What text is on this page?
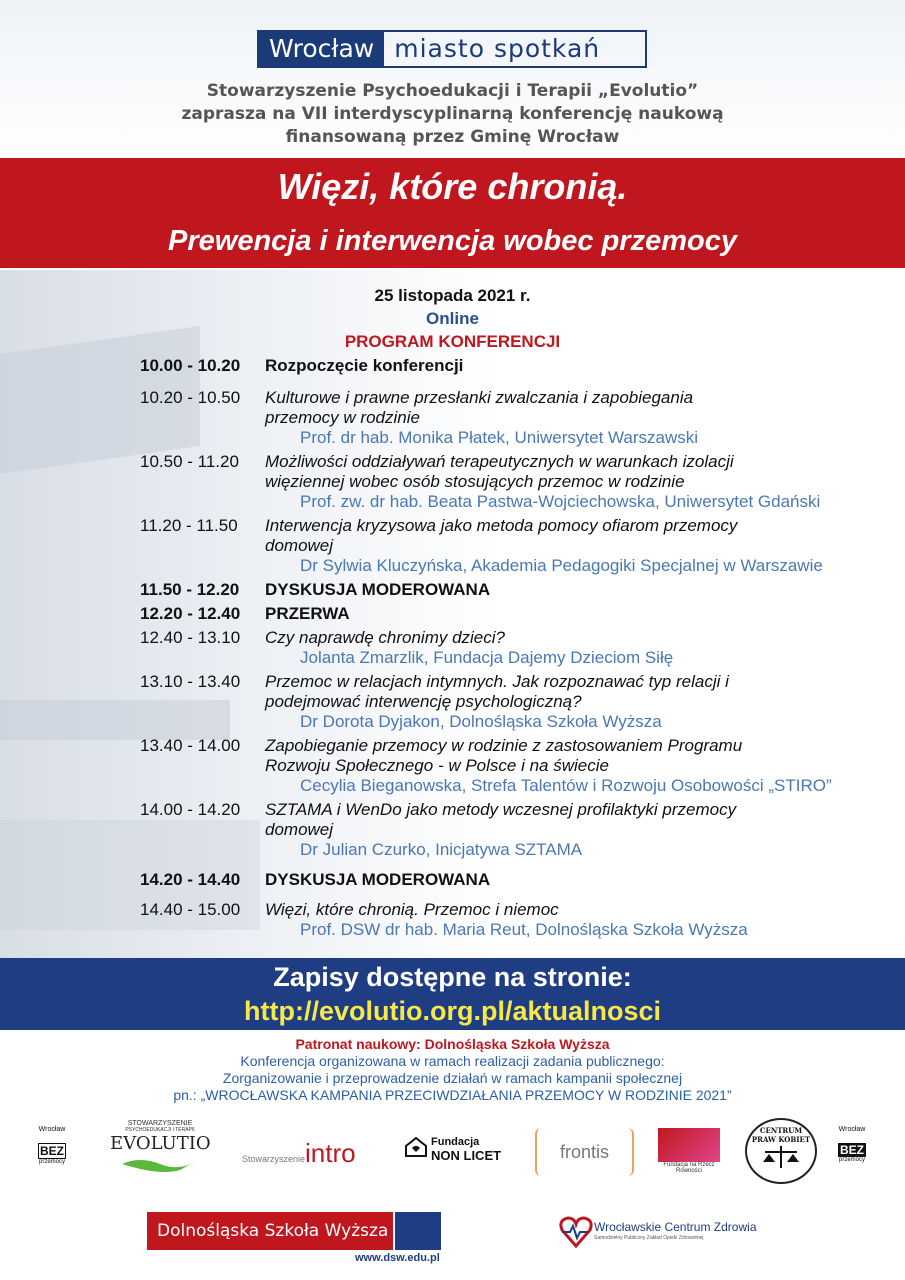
Wrocław miasto spotkań
Stowarzyszenie Psychoedukacji i Terapii „Evolutio”
zaprasza na VII interdyscyplinarną konferencję naukową
finansowaną przez Gminę Wrocław
Więzi, które chronią.
Prewencja i interwencja wobec przemocy
25 listopada 2021 r.
Online
PROGRAM KONFERENCJI
10.00 - 10.20	Rozpoczęcie konferencji
10.20 - 10.50	Kulturowe i prawne przesłanki zwalczania i zapobiegania przemocy w rodzinie
Prof. dr hab. Monika Płatek, Uniwersytet Warszawski
10.50 - 11.20	Możliwości oddziaływań terapeutycznych w warunkach izolacji więziennej wobec osób stosujących przemoc w rodzinie
Prof. zw. dr hab. Beata Pastwa-Wojciechowska, Uniwersytet Gdański
11.20 - 11.50	Interwencja kryzysowa jako metoda pomocy ofiarom przemocy domowej
Dr Sylwia Kluczyńska, Akademia Pedagogiki Specjalnej w Warszawie
11.50 - 12.20	DYSKUSJA MODEROWANA
12.20 - 12.40	PRZERWA
12.40 - 13.10	Czy naprawdę chronimy dzieci?
Jolanta Zmarzlik, Fundacja Dajemy Dzieciom Siłę
13.10 - 13.40	Przemoc w relacjach intymnych. Jak rozpoznawać typ relacji i podejmować interwencję psychologiczną?
Dr Dorota Dyjakon, Dolnośląska Szkoła Wyższa
13.40 - 14.00	Zapobieganie przemocy w rodzinie z zastosowaniem Programu Rozwoju Społecznego - w Polsce i na świecie
Cecylia Bieganowska, Strefa Talentów i Rozwoju Osobowości „STIRO”
14.00 - 14.20	SZTAMA i WenDo jako metody wczesnej profilaktyki przemocy domowej
Dr Julian Czurko, Inicjatywa SZTAMA
14.20 - 14.40	DYSKUSJA MODEROWANA
14.40 - 15.00	Więzi, które chronią. Przemoc i niemoc
Prof. DSW dr hab. Maria Reut, Dolnośląska Szkoła Wyższa
Zapisy dostępne na stronie:
http://evolutio.org.pl/aktualnosci
Patronat naukowy: Dolnośląska Szkoła Wyższa
Konferencja organizowana w ramach realizacji zadania publicznego:
Zorganizowanie i przeprowadzenie działań w ramach kampanii społecznej
pn.: „WROCŁAWSKA KAMPANIA PRZECIWDZIAŁANIA PRZEMOCY W RODZINIE 2021”
Wrocław
BEZ
przemocy
STOWARZYSZENIE
PSYCHOEDUKACJI I TERAPII
EVOLUTIO
Stowarzyszenieintro	Fundacja
NON LICET	frontis
Fundacja na Rzecz Równości
CENTRUM PRAW KOBIET
Wrocław
BEZ
przemocy
Dolnośląska Szkoła Wyższa
www.dsw.edu.pl
Wrocławskie Centrum Zdrowia
Samodzielny Publiczny Zakład Opieki Zdrowotnej
